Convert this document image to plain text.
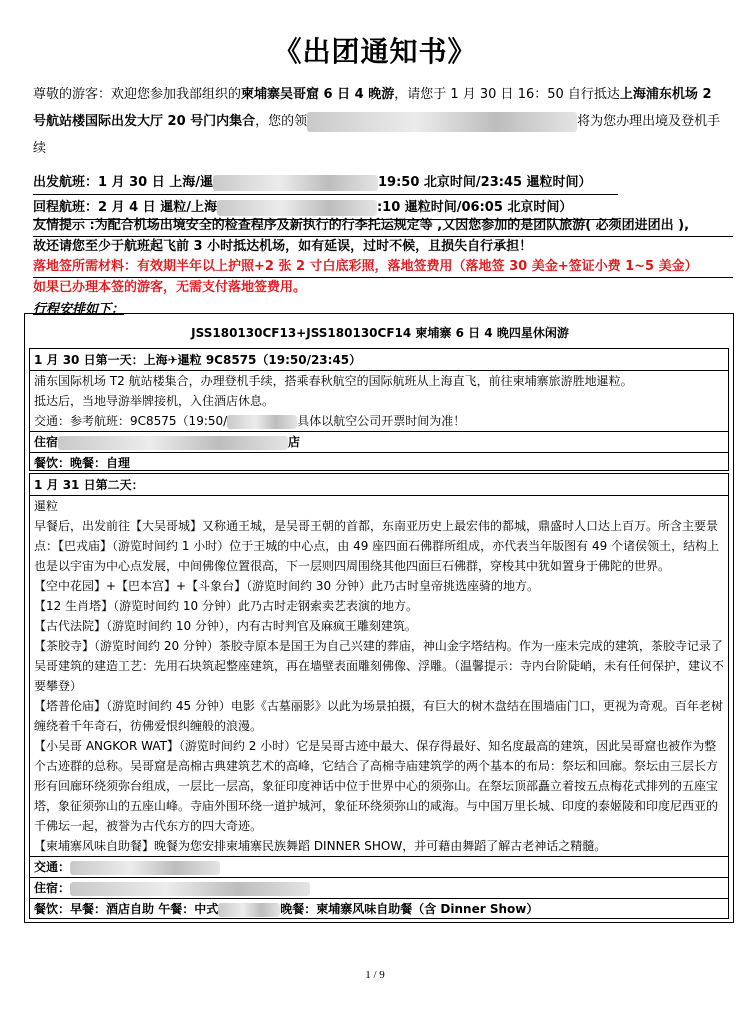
《出团通知书》
尊敬的游客：欢迎您参加我部组织的柬埔寨吴哥窟 6 日 4 晚游，请您于 1 月 30 日 16：50 自行抵达上海浦东机场 2 号航站楼国际出发大厅 20 号门内集合，您的领	将为您办理出境及登机手续
出发航班：1 月 30 日 上海/暹	19:50 北京时间/23:45 暹粒时间）
回程航班：2 月 4 日 暹粒/上海	:10 暹粒时间/06:05 北京时间）
友情提示 :为配合机场出境安全的检查程序及新执行的行李托运规定等 ,又因您参加的是团队旅游( 必须团进团出 ),
故还请您至少于航班起飞前 3 小时抵达机场，如有延误，过时不候，且损失自行承担！
落地签所需材料：有效期半年以上护照+2 张 2 寸白底彩照，落地签费用（落地签 30 美金+签证小费 1~5 美金）
如果已办理本签的游客，无需支付落地签费用。
行程安排如下：
JSS180130CF13+JSS180130CF14 柬埔寨 6 日 4 晚四星休闲游
1 月 30 日第一天：上海✈暹粒 9C8575（19:50/23:45）
浦东国际机场 T2 航站楼集合，办理登机手续，搭乘春秋航空的国际航班从上海直飞，前往柬埔寨旅游胜地暹粒。
抵达后，当地导游举牌接机，入住酒店休息。
交通：参考航班：9C8575（19:50/	具体以航空公司开票时间为准！
住宿	店
餐饮：晚餐：自理
1 月 31 日第二天：
暹粒
早餐后，出发前往【大吴哥城】又称通王城，是吴哥王朝的首都，东南亚历史上最宏伟的都城，鼎盛时人口达上百万。所含主要景点：【巴戎庙】（游览时间约 1 小时）位于王城的中心点，由 49 座四面石佛群所组成，亦代表当年版图有 49 个诸侯领土，结构上也是以宇宙为中心点发展，中间佛像位置很高，下一层则四周围绕其他四面巨石佛群，穿梭其中犹如置身于佛陀的世界。
【空中花园】+【巴本宫】+【斗象台】（游览时间约 30 分钟）此乃古时皇帝挑选座骑的地方。
【12 生肖塔】（游览时间约 10 分钟）此乃古时走钢索卖艺表演的地方。
【古代法院】（游览时间约 10 分钟），内有古时判官及麻疯王雕刻建筑。
【茶胶寺】（游览时间约 20 分钟）茶胶寺原本是国王为自己兴建的葬庙，神山金字塔结构。作为一座未完成的建筑，茶胶寺记录了吴哥建筑的建造工艺：先用石块筑起整座建筑，再在墙壁表面雕刻佛像、浮雕。（温馨提示：寺内台阶陡峭，未有任何保护，建议不要攀登）
【塔普伦庙】（游览时间约 45 分钟）电影《古墓丽影》以此为场景拍摄，有巨大的树木盘结在围墙庙门口，更视为奇观。百年老树缠绕着千年奇石，彷佛爱恨纠缠般的浪漫。
【小吴哥 ANGKOR WAT】（游览时间约 2 小时）它是吴哥古迹中最大、保存得最好、知名度最高的建筑，因此吴哥窟也被作为整个古迹群的总称。吴哥窟是高棉古典建筑艺术的高峰，它结合了高棉寺庙建筑学的两个基本的布局：祭坛和回廊。祭坛由三层长方形有回廊环绕须弥台组成，一层比一层高，象征印度神话中位于世界中心的须弥山。在祭坛顶部矗立着按五点梅花式排列的五座宝塔，象征须弥山的五座山峰。寺庙外围环绕一道护城河，象征环绕须弥山的咸海。与中国万里长城、印度的泰姬陵和印度尼西亚的千佛坛一起，被誉为古代东方的四大奇迹。
【柬埔寨风味自助餐】晚餐为您安排柬埔寨民族舞蹈 DINNER SHOW，并可藉由舞蹈了解古老神话之精髓。
交通：
住宿：
餐饮：早餐：酒店自助 午餐：中式	晚餐：柬埔寨风味自助餐（含 Dinner Show）
1 / 9
